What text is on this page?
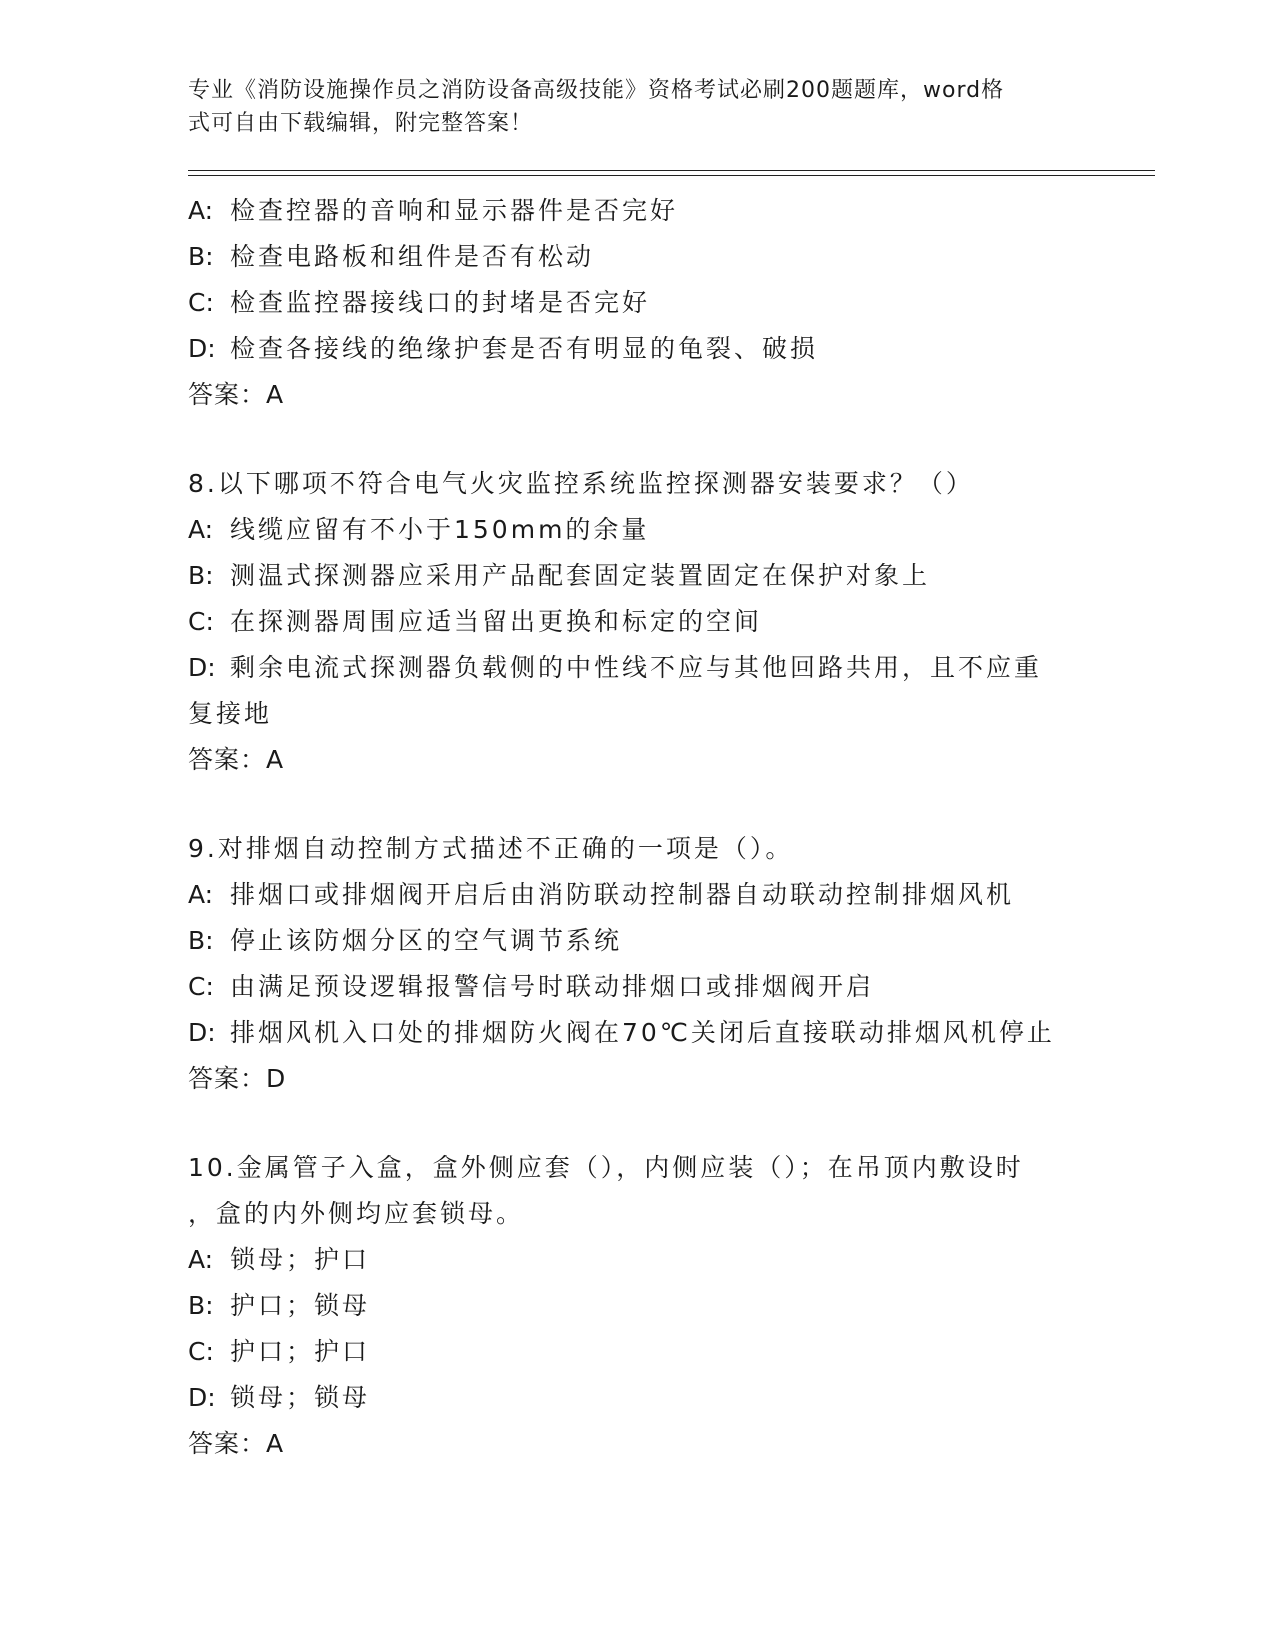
专业《消防设施操作员之消防设备高级技能》资格考试必刷200题题库，word格
式可自由下载编辑，附完整答案！
A: 检查控器的音响和显示器件是否完好
B: 检查电路板和组件是否有松动
C: 检查监控器接线口的封堵是否完好
D: 检查各接线的绝缘护套是否有明显的龟裂、破损
答案：A
8.以下哪项不符合电气火灾监控系统监控探测器安装要求？（）
A: 线缆应留有不小于150mm的余量
B: 测温式探测器应采用产品配套固定装置固定在保护对象上
C: 在探测器周围应适当留出更换和标定的空间
D: 剩余电流式探测器负载侧的中性线不应与其他回路共用，且不应重
复接地
答案：A
9.对排烟自动控制方式描述不正确的一项是（）。
A: 排烟口或排烟阀开启后由消防联动控制器自动联动控制排烟风机
B: 停止该防烟分区的空气调节系统
C: 由满足预设逻辑报警信号时联动排烟口或排烟阀开启
D: 排烟风机入口处的排烟防火阀在70℃关闭后直接联动排烟风机停止
答案：D
10.金属管子入盒，盒外侧应套（），内侧应装（）；在吊顶内敷设时
，盒的内外侧均应套锁母。
A: 锁母；护口
B: 护口；锁母
C: 护口；护口
D: 锁母；锁母
答案：A
